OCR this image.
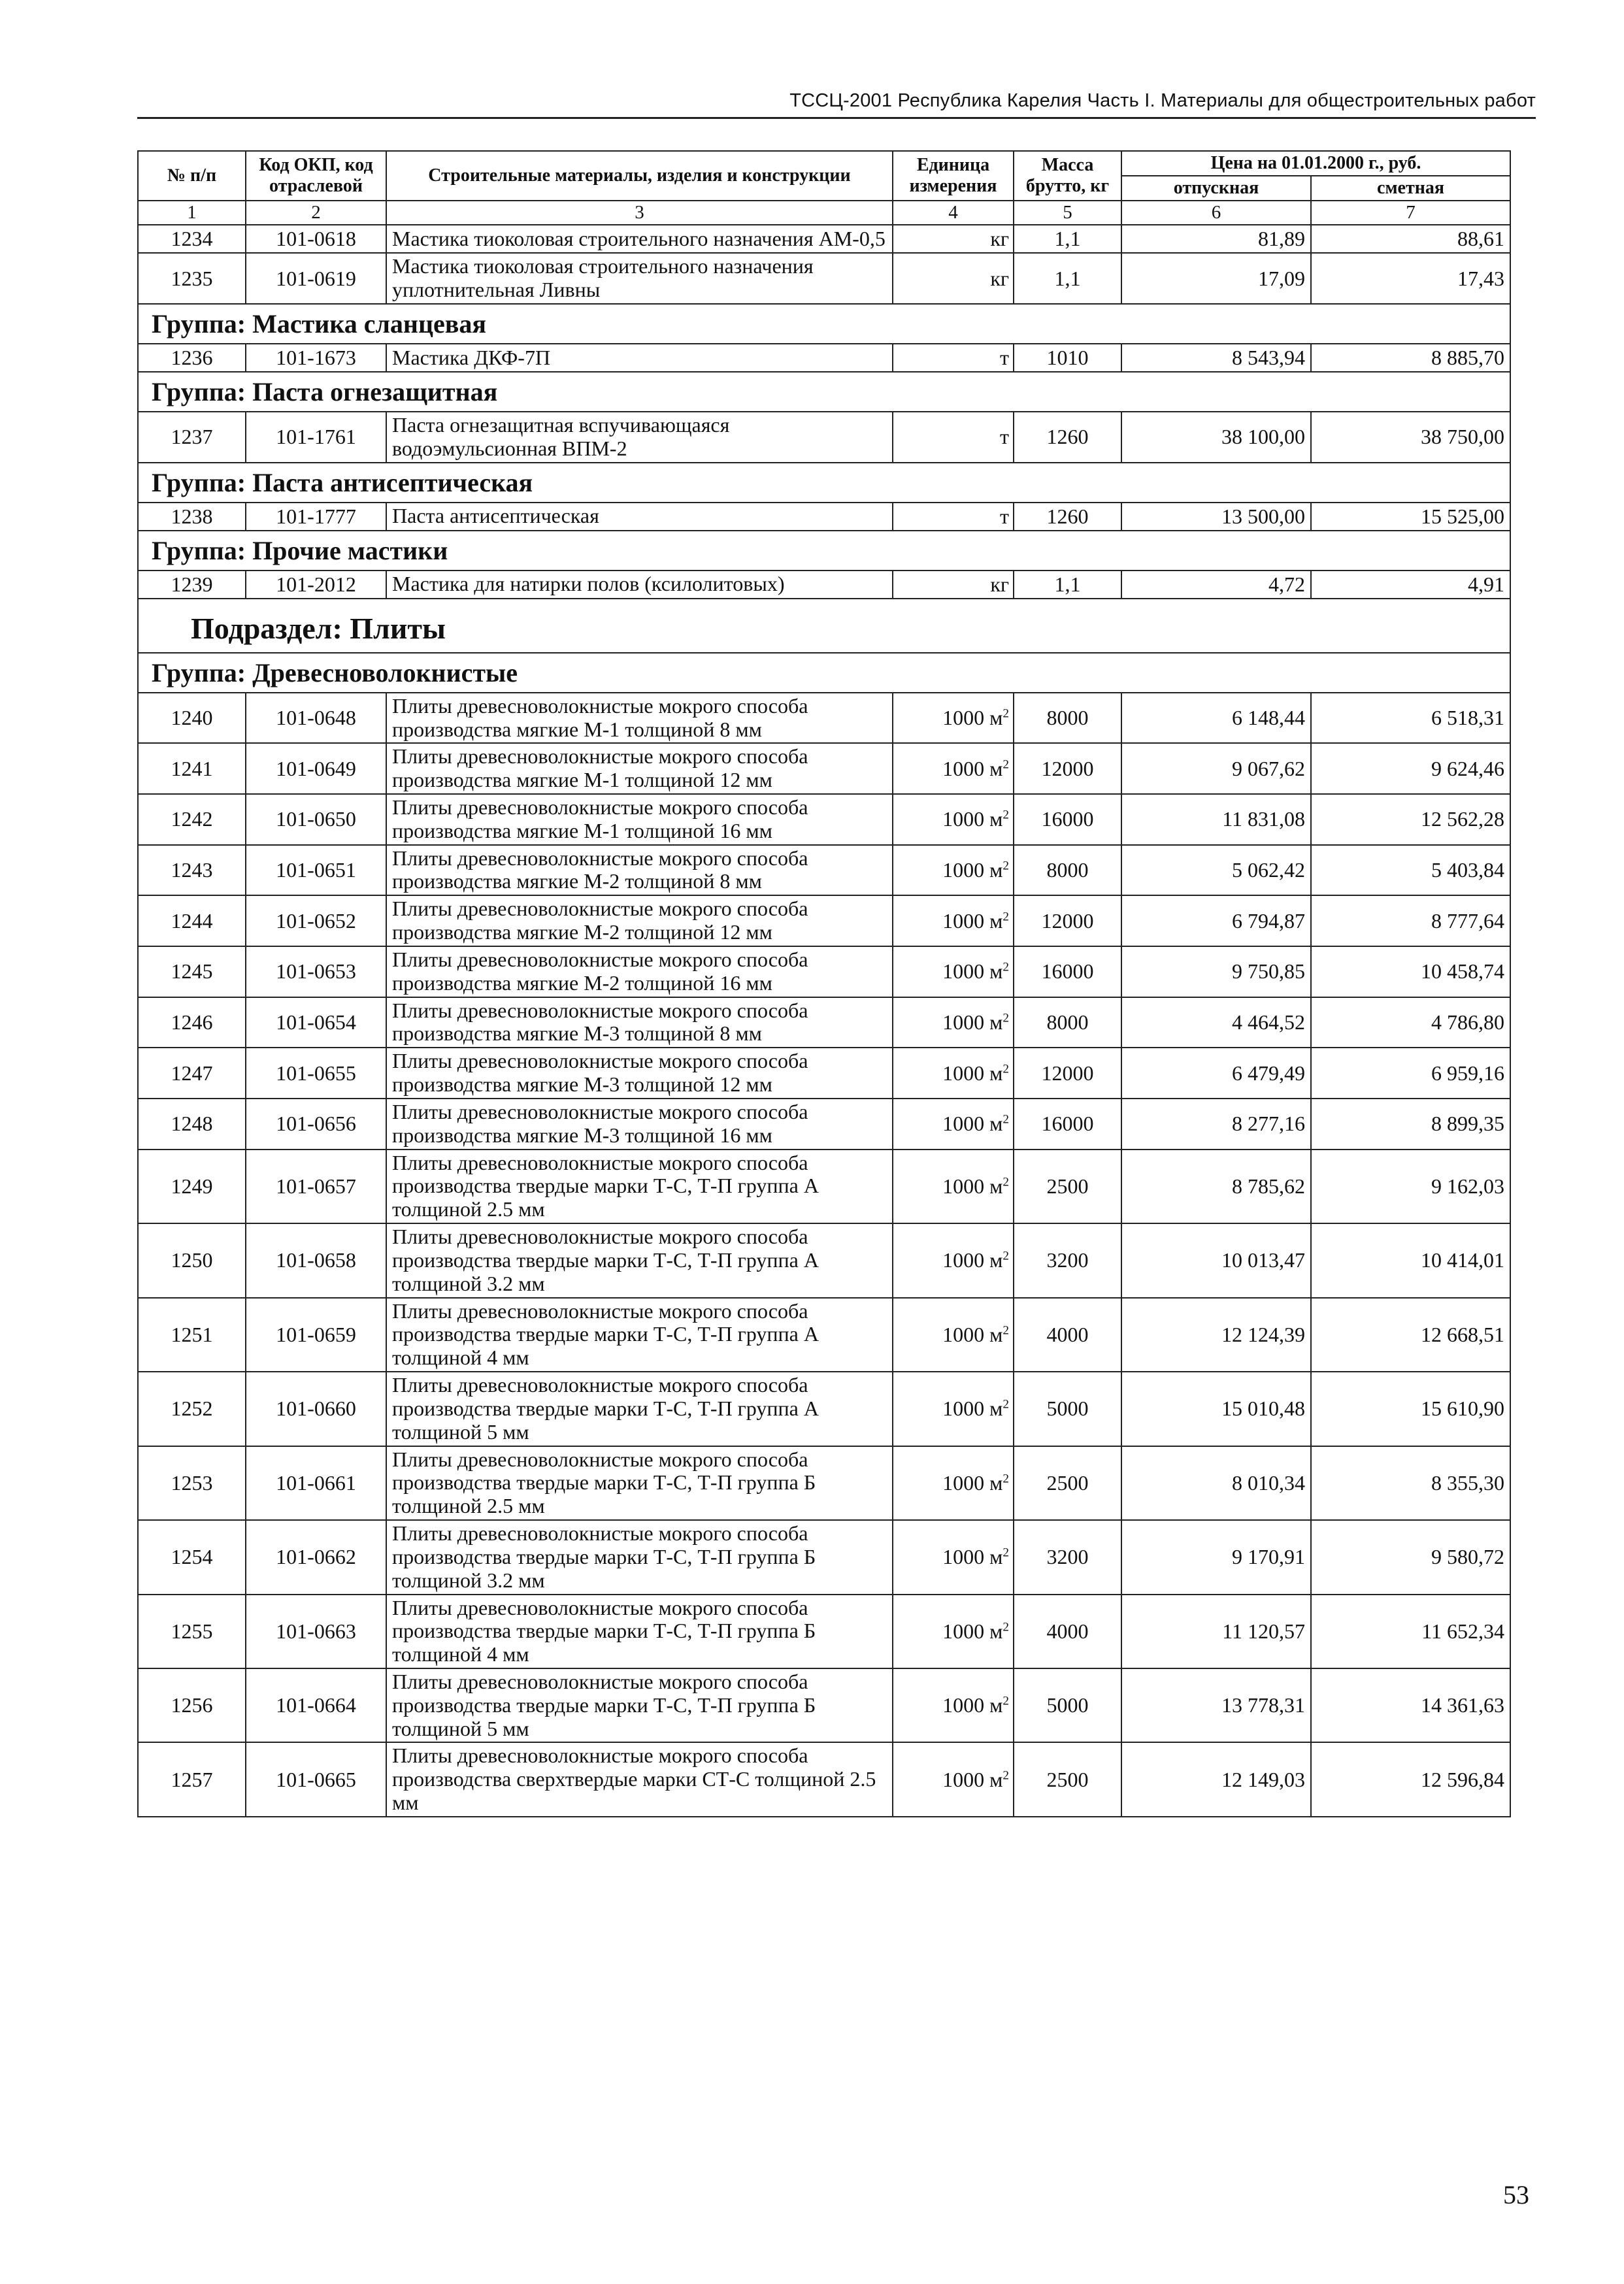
ТССЦ-2001 Республика Карелия Часть I. Материалы для общестроительных работ
№ п/п	Код ОКП, код отраслевой	Строительные материалы, изделия и конструкции	Единица измерения	Масса брутто, кг	Цена на 01.01.2000 г., руб.	
					отпускная	сметная
1	2	3	4	5	6	7
1234	101-0618	Мастика тиоколовая строительного назначения АМ-0,5	кг	1,1	81,89	88,61
1235	101-0619	Мастика тиоколовая строительного назначения уплотнительная Ливны	кг	1,1	17,09	17,43
Группа: Мастика сланцевая						
1236	101-1673	Мастика ДКФ-7П	т	1010	8 543,94	8 885,70
Группа: Паста огнезащитная						
1237	101-1761	Паста огнезащитная вспучивающаяся водоэмульсионная ВПМ-2	т	1260	38 100,00	38 750,00
Группа: Паста антисептическая						
1238	101-1777	Паста антисептическая	т	1260	13 500,00	15 525,00
Группа: Прочие мастики						
1239	101-2012	Мастика для натирки полов (ксилолитовых)	кг	1,1	4,72	4,91
Подраздел: Плиты						
Группа: Древесноволокнистые						
1240	101-0648	Плиты древесноволокнистые мокрого способа производства мягкие М-1 толщиной 8 мм	1000 $м^2$	8000	6 148,44	6 518,31
1241	101-0649	Плиты древесноволокнистые мокрого способа производства мягкие М-1 толщиной 12 мм	1000 $м^2$	12000	9 067,62	9 624,46
1242	101-0650	Плиты древесноволокнистые мокрого способа производства мягкие М-1 толщиной 16 мм	1000 $м^2$	16000	11 831,08	12 562,28
1243	101-0651	Плиты древесноволокнистые мокрого способа производства мягкие М-2 толщиной 8 мм	1000 $м^2$	8000	5 062,42	5 403,84
1244	101-0652	Плиты древесноволокнистые мокрого способа производства мягкие М-2 толщиной 12 мм	1000 $м^2$	12000	6 794,87	8 777,64
1245	101-0653	Плиты древесноволокнистые мокрого способа производства мягкие М-2 толщиной 16 мм	1000 $м^2$	16000	9 750,85	10 458,74
1246	101-0654	Плиты древесноволокнистые мокрого способа производства мягкие М-3 толщиной 8 мм	1000 $м^2$	8000	4 464,52	4 786,80
1247	101-0655	Плиты древесноволокнистые мокрого способа производства мягкие М-3 толщиной 12 мм	1000 $м^2$	12000	6 479,49	6 959,16
1248	101-0656	Плиты древесноволокнистые мокрого способа производства мягкие М-3 толщиной 16 мм	1000 $м^2$	16000	8 277,16	8 899,35
1249	101-0657	Плиты древесноволокнистые мокрого способа производства твердые марки Т-С, Т-П группа А толщиной 2.5 мм	1000 $м^2$	2500	8 785,62	9 162,03
1250	101-0658	Плиты древесноволокнистые мокрого способа производства твердые марки Т-С, Т-П группа А толщиной 3.2 мм	1000 $м^2$	3200	10 013,47	10 414,01
1251	101-0659	Плиты древесноволокнистые мокрого способа производства твердые марки Т-С, Т-П группа А толщиной 4 мм	1000 $м^2$	4000	12 124,39	12 668,51
1252	101-0660	Плиты древесноволокнистые мокрого способа производства твердые марки Т-С, Т-П группа А толщиной 5 мм	1000 $м^2$	5000	15 010,48	15 610,90
1253	101-0661	Плиты древесноволокнистые мокрого способа производства твердые марки Т-С, Т-П группа Б толщиной 2.5 мм	1000 $м^2$	2500	8 010,34	8 355,30
1254	101-0662	Плиты древесноволокнистые мокрого способа производства твердые марки Т-С, Т-П группа Б толщиной 3.2 мм	1000 $м^2$	3200	9 170,91	9 580,72
1255	101-0663	Плиты древесноволокнистые мокрого способа производства твердые марки Т-С, Т-П группа Б толщиной 4 мм	1000 $м^2$	4000	11 120,57	11 652,34
1256	101-0664	Плиты древесноволокнистые мокрого способа производства твердые марки Т-С, Т-П группа Б толщиной 5 мм	1000 $м^2$	5000	13 778,31	14 361,63
1257	101-0665	Плиты древесноволокнистые мокрого способа производства сверхтвердые марки СТ-С толщиной 2.5 мм	1000 $м^2$	2500	12 149,03	12 596,84
53
